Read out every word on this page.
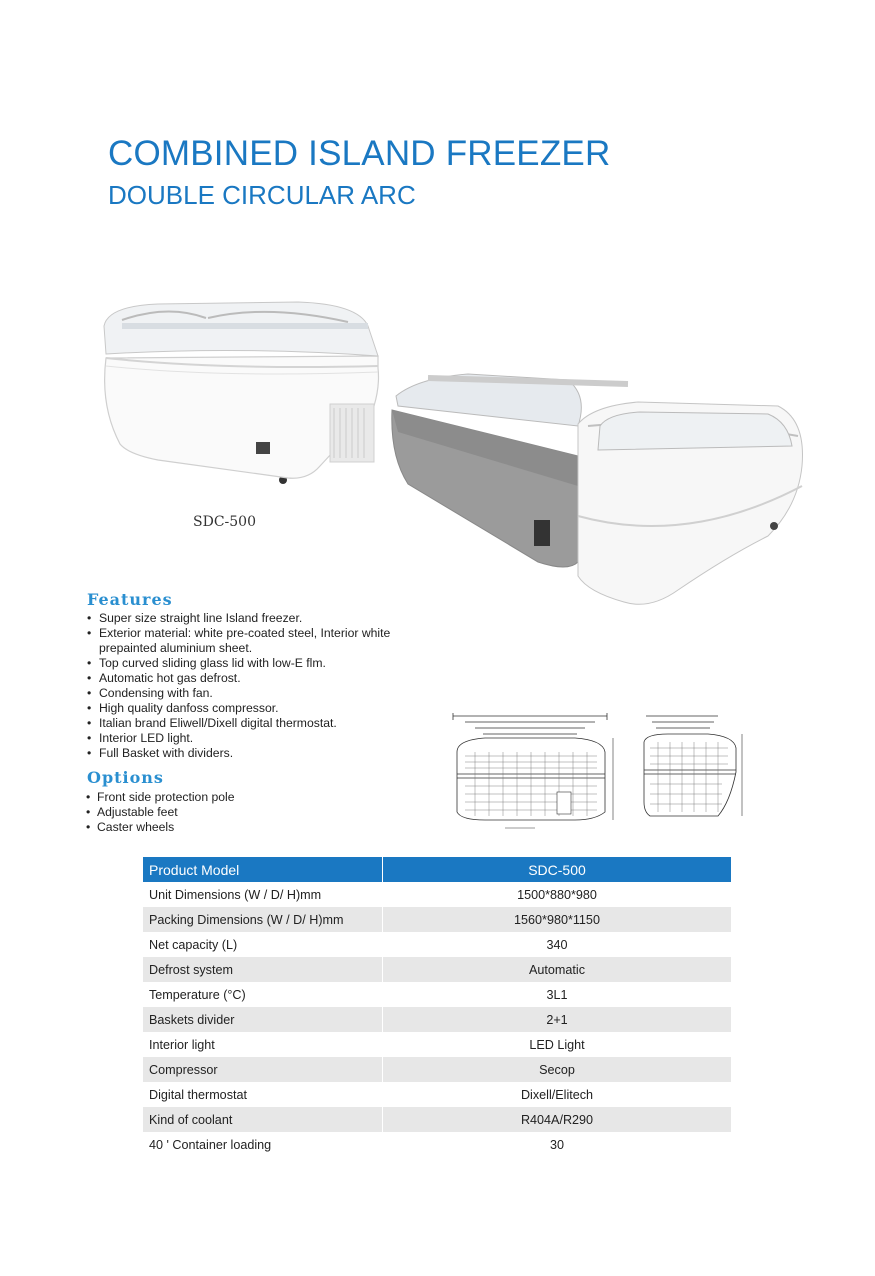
COMBINED ISLAND FREEZER
DOUBLE CIRCULAR ARC
SDC-500
Features
• Super size straight line Island freezer.
• Exterior material: white pre-coated steel, Interior white prepainted aluminium sheet.
• Top curved sliding glass lid with low-E flm.
• Automatic hot gas defrost.
• Condensing with fan.
• High quality danfoss compressor.
• Italian brand Eliwell/Dixell digital thermostat.
• Interior LED light.
• Full Basket with dividers.
Options
• Front side protection pole
• Adjustable feet
• Caster wheels
Product Model	SDC-500
Unit Dimensions (W / D/ H)mm	1500*880*980
Packing Dimensions (W / D/ H)mm	1560*980*1150
Net capacity (L)	340
Defrost system	Automatic
Temperature (°C)	3L1
Baskets divider	2+1
Interior light	LED Light
Compressor	Secop
Digital thermostat	Dixell/Elitech
Kind of coolant	R404A/R290
40 ' Container loading	30
